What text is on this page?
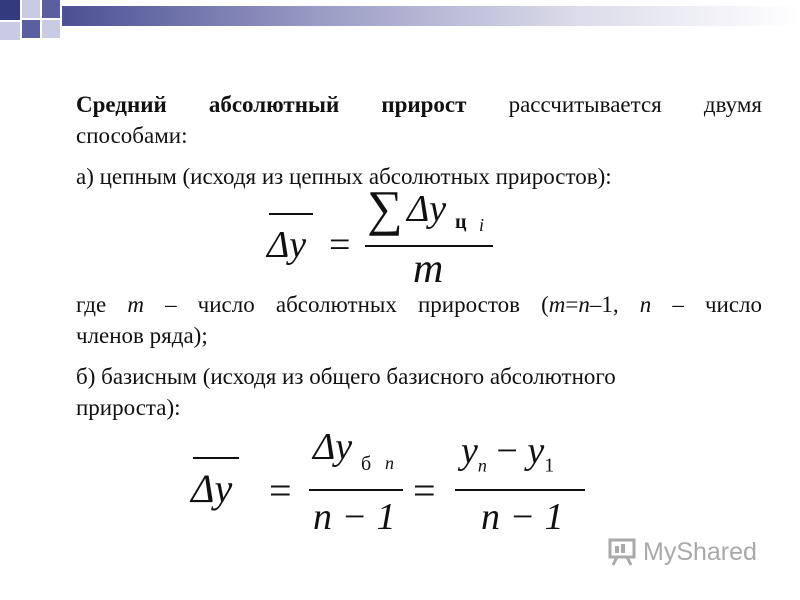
Средний абсолютный прирост рассчитывается двумя
способами:
а) цепным (исходя из цепных абсолютных приростов):
Δy =
∑ Δy ц i
m
где m – число абсолютных приростов (m=n–1, n – число
членов ряда);
б) базисным (исходя из общего базисного абсолютного
прироста):
Δy =
Δy б n
n − 1
=
$y_n - y_1$
n − 1
MyShared
